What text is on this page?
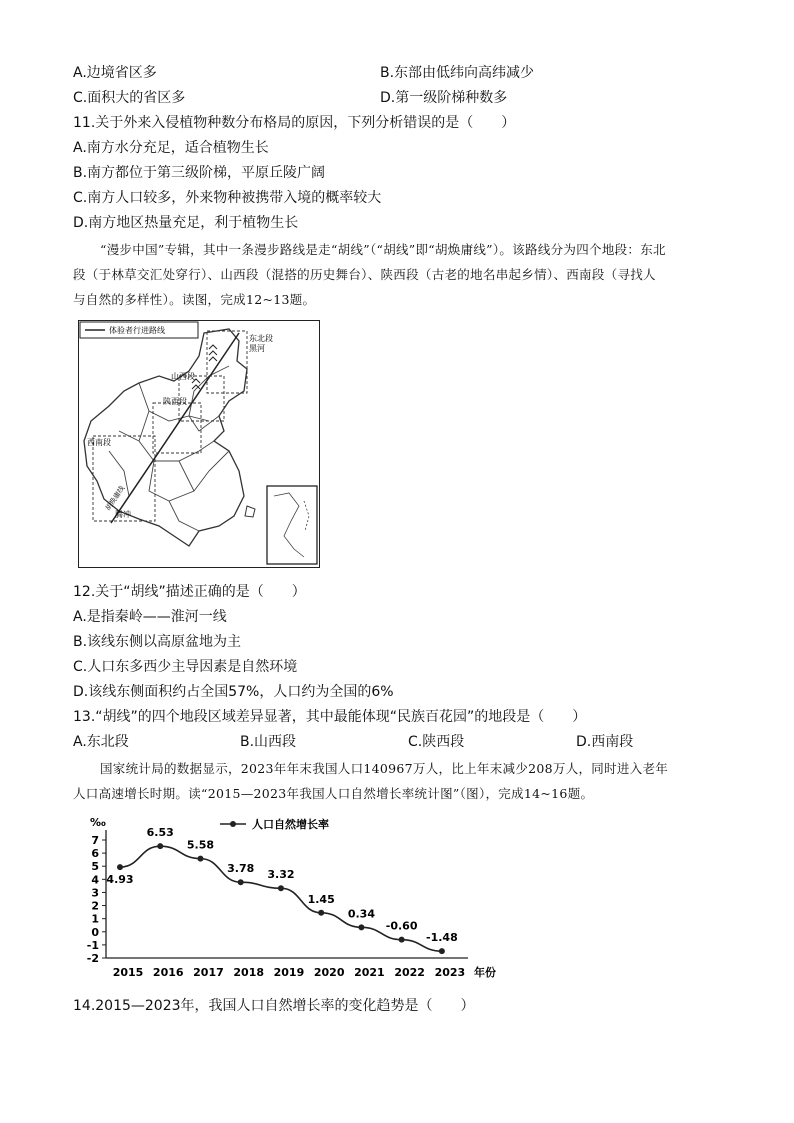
A.边境省区多	B.东部由低纬向高纬减少
C.面积大的省区多	D.第一级阶梯种数多
11.关于外来入侵植物种数分布格局的原因，下列分析错误的是（　　）
A.南方水分充足，适合植物生长
B.南方都位于第三级阶梯，平原丘陵广阔
C.南方人口较多，外来物种被携带入境的概率较大
D.南方地区热量充足，利于植物生长
“漫步中国”专辑，其中一条漫步路线是走“胡线”（“胡线”即“胡焕庸线”）。该路线分为四个地段：东北
段（于林草交汇处穿行）、山西段（混搭的历史舞台）、陕西段（古老的地名串起乡情）、西南段（寻找人
与自然的多样性）。读图，完成12~13题。
体验者行进路线
东北段
黑河
山西段
陕西段
西南段
腾冲
胡焕庸线
12.关于“胡线”描述正确的是（　　）
A.是指秦岭——淮河一线
B.该线东侧以高原盆地为主
C.人口东多西少主导因素是自然环境
D.该线东侧面积约占全国57%，人口约为全国的6%
13.“胡线”的四个地段区域差异显著，其中最能体现“民族百花园”的地段是（　　）
A.东北段	B.山西段	C.陕西段	D.西南段
国家统计局的数据显示，2023年年末我国人口140967万人，比上年末减少208万人，同时进入老年
人口高速增长时期。读“2015—2023年我国人口自然增长率统计图”（图），完成14~16题。
‰
7
6
5
4
3
2
1
0
-1
-2
2015 2016 2017 2018 2019 2020 2021 2022 2023 年份
4.93
6.53
5.58
3.78 3.32
1.45
0.34
-0.60
-1.48
人口自然增长率
14.2015—2023年，我国人口自然增长率的变化趋势是（　　）
